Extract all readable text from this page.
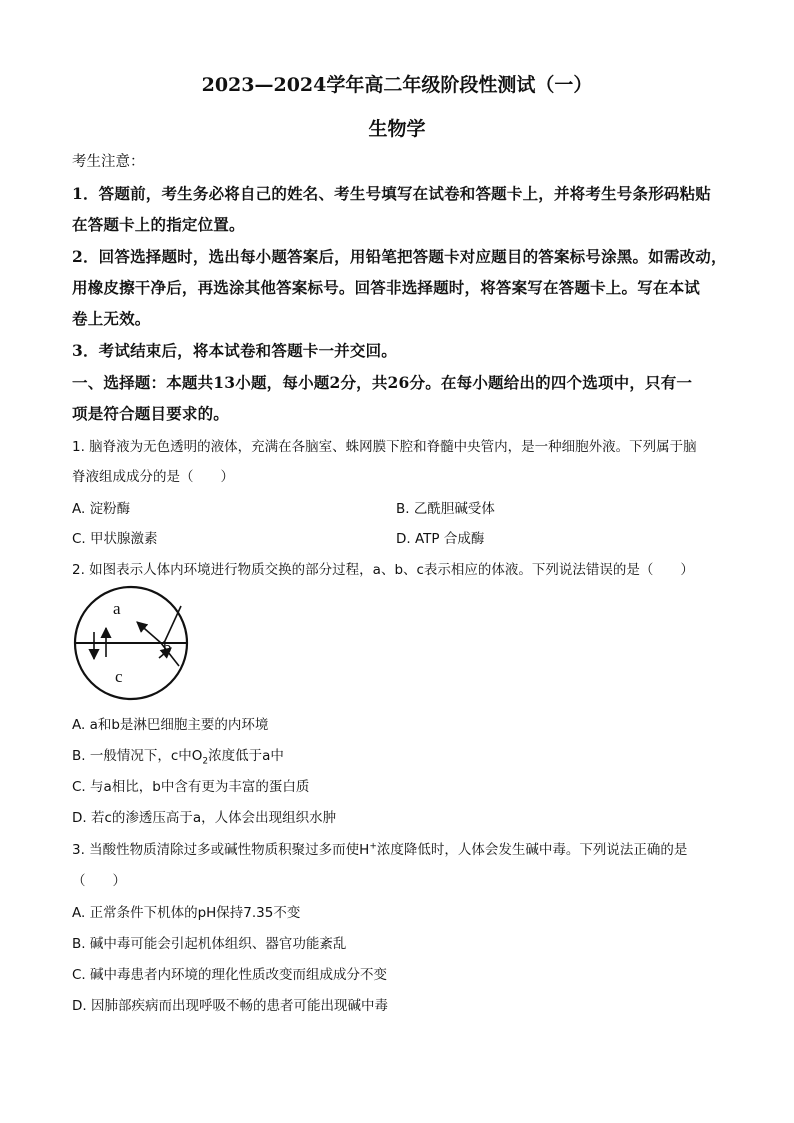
2023—2024学年高二年级阶段性测试（一）
生物学
考生注意：
1．答题前，考生务必将自己的姓名、考生号填写在试卷和答题卡上，并将考生号条形码粘贴
在答题卡上的指定位置。
2．回答选择题时，选出每小题答案后，用铅笔把答题卡对应题目的答案标号涂黑。如需改动，
用橡皮擦干净后，再选涂其他答案标号。回答非选择题时，将答案写在答题卡上。写在本试
卷上无效。
3．考试结束后，将本试卷和答题卡一并交回。
一、选择题：本题共13小题，每小题2分，共26分。在每小题给出的四个选项中，只有一
项是符合题目要求的。
1. 脑脊液为无色透明的液体，充满在各脑室、蛛网膜下腔和脊髓中央管内，是一种细胞外液。下列属于脑
脊液组成成分的是（　　）
A. 淀粉酶	B. 乙酰胆碱受体
C. 甲状腺激素	D. ATP 合成酶
2. 如图表示人体内环境进行物质交换的部分过程，a、b、c表示相应的体液。下列说法错误的是（　　）
a
b
c
A. a和b是淋巴细胞主要的内环境
B. 一般情况下，c中$O_2$浓度低于a中
C. 与a相比，b中含有更为丰富的蛋白质
D. 若c的渗透压高于a，人体会出现组织水肿
3. 当酸性物质清除过多或碱性物质积聚过多而使H+浓度降低时，人体会发生碱中毒。下列说法正确的是
（　　）
A. 正常条件下机体的pH保持7.35不变
B. 碱中毒可能会引起机体组织、器官功能紊乱
C. 碱中毒患者内环境的理化性质改变而组成成分不变
D. 因肺部疾病而出现呼吸不畅的患者可能出现碱中毒
